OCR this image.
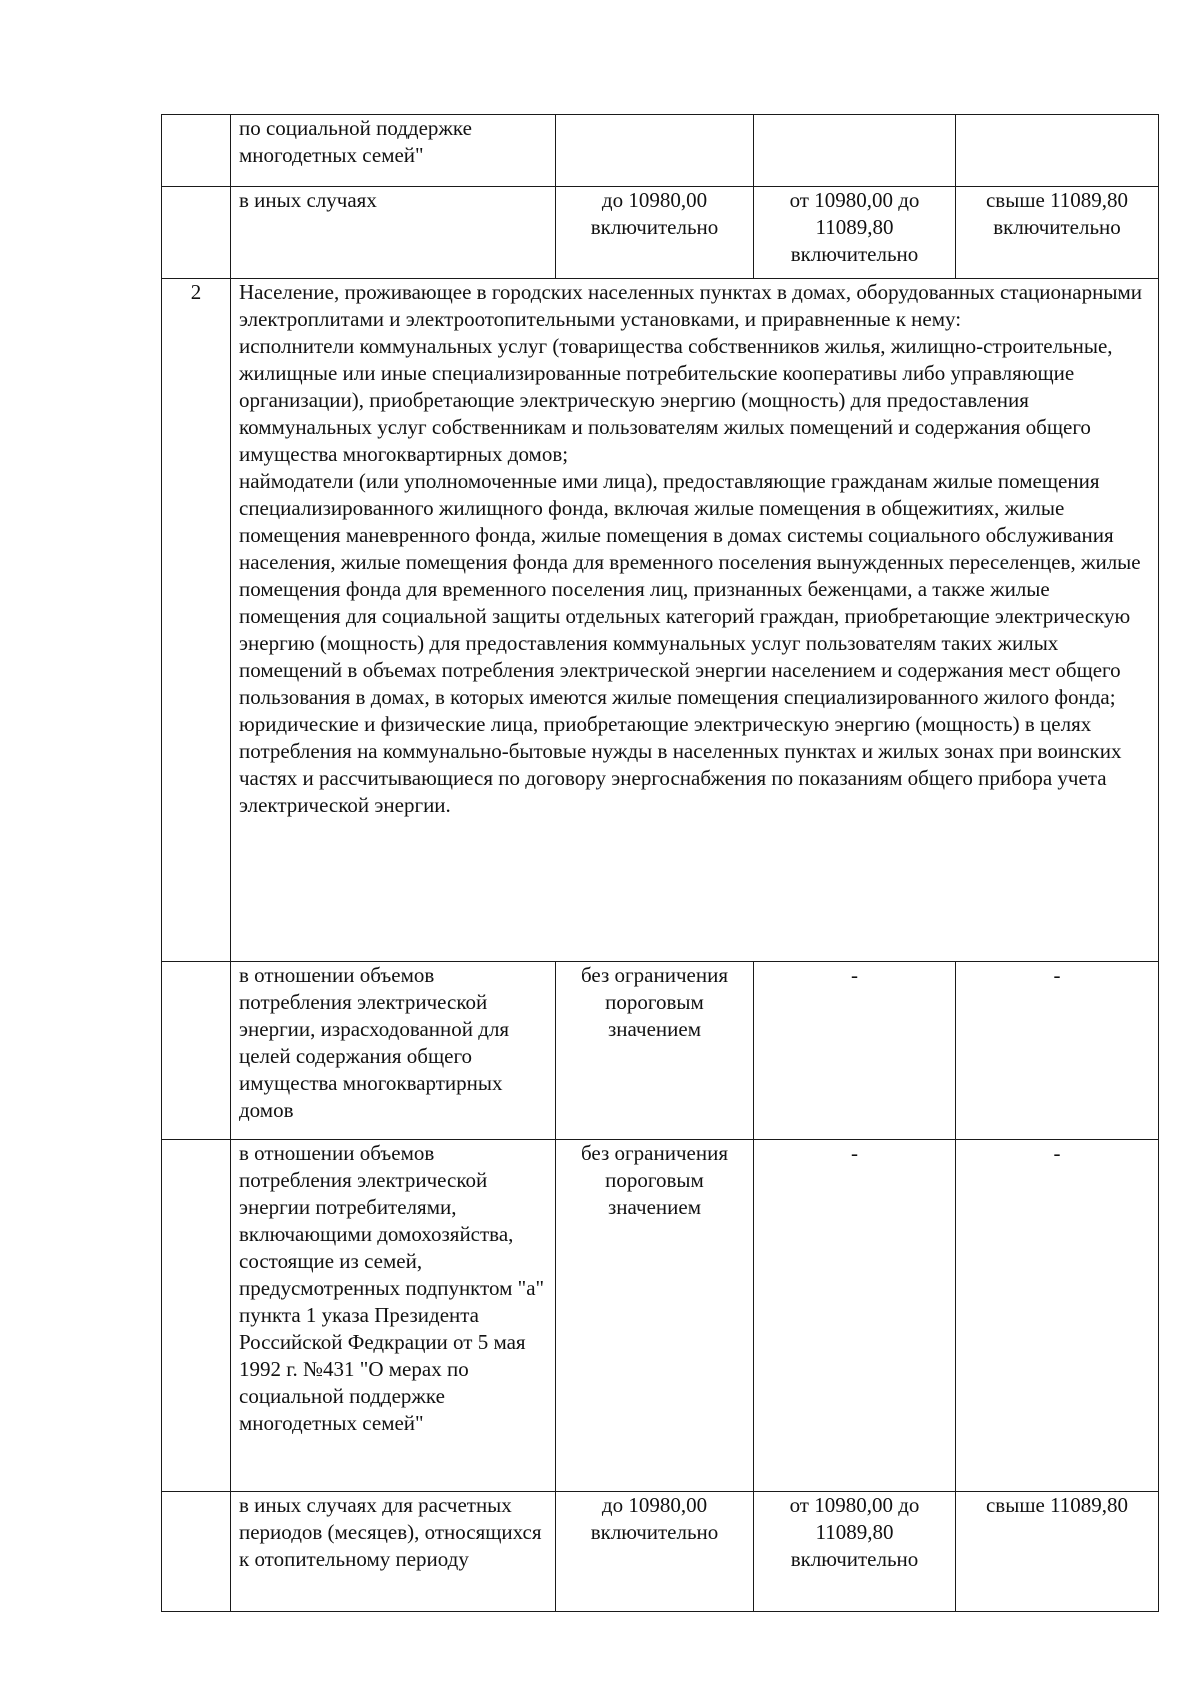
	по социальной поддержке многодетных семей"			
	в иных случаях	до 10980,00 включительно	от 10980,00 до 11089,80 включительно	свыше 11089,80 включительно
2	Население, проживающее в городских населенных пунктах в домах, оборудованных стационарными электроплитами и электроотопительными установками, и приравненные к нему:

исполнители коммунальных услуг (товарищества собственников жилья, жилищно-строительные, жилищные или иные специализированные потребительские кооперативы либо управляющие организации), приобретающие электрическую энергию (мощность) для предоставления коммунальных услуг собственникам и пользователям жилых помещений и содержания общего имущества многоквартирных домов;

наймодатели (или уполномоченные ими лица), предоставляющие гражданам жилые помещения специализированного жилищного фонда, включая жилые помещения в общежитиях, жилые помещения маневренного фонда, жилые помещения в домах системы социального обслуживания населения, жилые помещения фонда для временного поселения вынужденных переселенцев, жилые помещения фонда для временного поселения лиц, признанных беженцами, а также жилые помещения для социальной защиты отдельных категорий граждан, приобретающие электрическую энергию (мощность) для предоставления коммунальных услуг пользователям таких жилых помещений в объемах потребления электрической энергии населением и содержания мест общего пользования в домах, в которых имеются жилые помещения специализированного жилого фонда;

юридические и физические лица, приобретающие электрическую энергию (мощность) в целях потребления на коммунально-бытовые нужды в населенных пунктах и жилых зонах при воинских частях и рассчитывающиеся по договору энергоснабжения по показаниям общего прибора учета электрической энергии.			

	в отношении объемов потребления электрической энергии, израсходованной для целей содержания общего имущества многоквартирных домов	без ограничения пороговым значением	-	-
	в отношении объемов потребления электрической энергии потребителями, включающими домохозяйства, состоящие из семей, предусмотренных подпунктом "а" пункта 1 указа Президента Российской Федкрации от 5 мая 1992 г. №431 "О мерах по социальной поддержке многодетных семей"	без ограничения пороговым значением	-	-
	в иных случаях для расчетных периодов (месяцев), относящихся к отопительному периоду	до 10980,00 включительно	от 10980,00 до 11089,80 включительно	свыше 11089,80
